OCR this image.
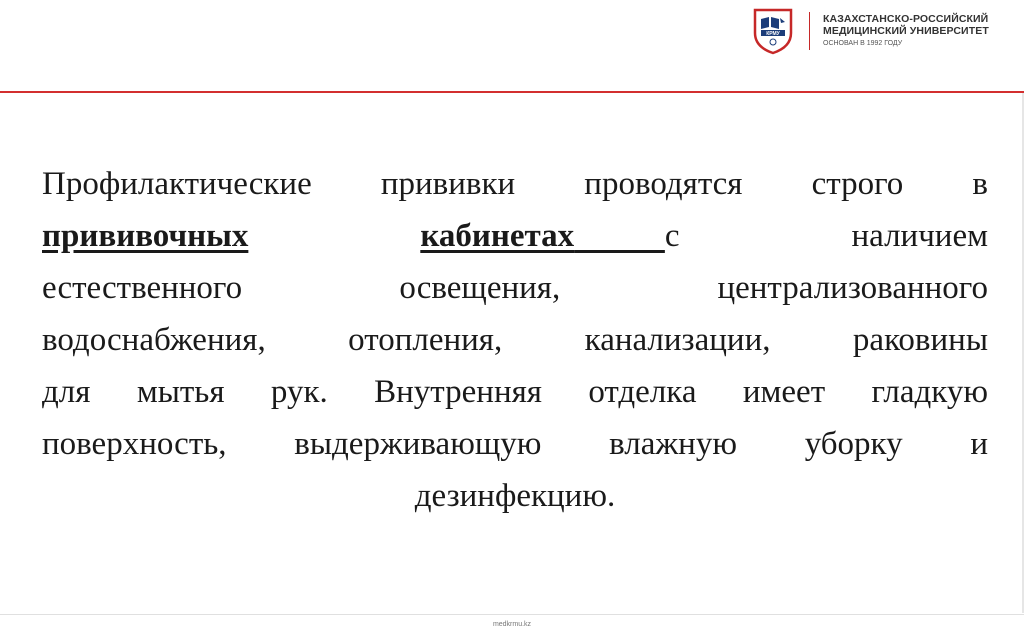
КРМУ
КАЗАХСТАНСКО-РОССИЙСКИЙ
МЕДИЦИНСКИЙ УНИВЕРСИТЕТ
ОСНОВАН В 1992 ГОДУ
Профилактические прививки проводятся строго в
прививочных	кабинетах​           с	наличием
естественного	освещения,	централизованного
водоснабжения, отопления, канализации, раковины
для мытья рук. Внутренняя отделка имеет гладкую
поверхность, выдерживающую влажную уборку и
дезинфекцию.
medkrmu.kz
